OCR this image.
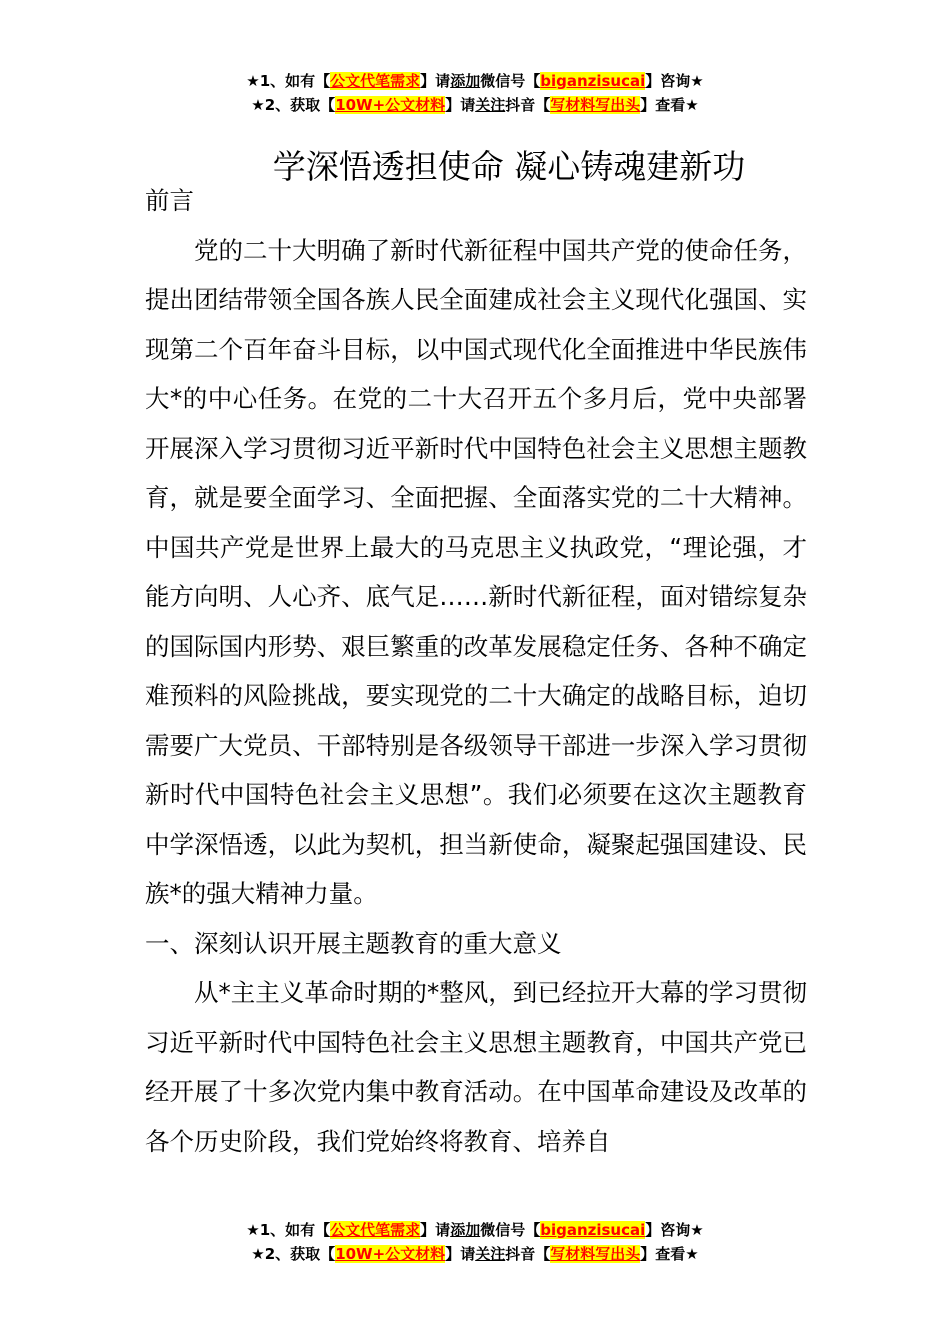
★1、如有【公文代笔需求】请添加微信号【biganzisucai】咨询★
★2、获取【10W+公文材料】请关注抖音【写材料写出头】查看★
学深悟透担使命 凝心铸魂建新功

前言

党的二十大明确了新时代新征程中国共产党的使命任务，提出团结带领全国各族人民全面建成社会主义现代化强国、实现第二个百年奋斗目标，以中国式现代化全面推进中华民族伟大*的中心任务。在党的二十大召开五个多月后，党中央部署开展深入学习贯彻习近平新时代中国特色社会主义思想主题教育，就是要全面学习、全面把握、全面落实党的二十大精神。中国共产党是世界上最大的马克思主义执政党，“理论强，才能方向明、人心齐、底气足……新时代新征程，面对错综复杂的国际国内形势、艰巨繁重的改革发展稳定任务、各种不确定难预料的风险挑战，要实现党的二十大确定的战略目标，迫切需要广大党员、干部特别是各级领导干部进一步深入学习贯彻新时代中国特色社会主义思想”。我们必须要在这次主题教育中学深悟透，以此为契机，担当新使命，凝聚起强国建设、民族*的强大精神力量。

一、深刻认识开展主题教育的重大意义

从*主主义革命时期的*整风，到已经拉开大幕的学习贯彻习近平新时代中国特色社会主义思想主题教育，中国共产党已经开展了十多次党内集中教育活动。在中国革命建设及改革的各个历史阶段，我们党始终将教育、培养自

★1、如有【公文代笔需求】请添加微信号【biganzisucai】咨询★
★2、获取【10W+公文材料】请关注抖音【写材料写出头】查看★
